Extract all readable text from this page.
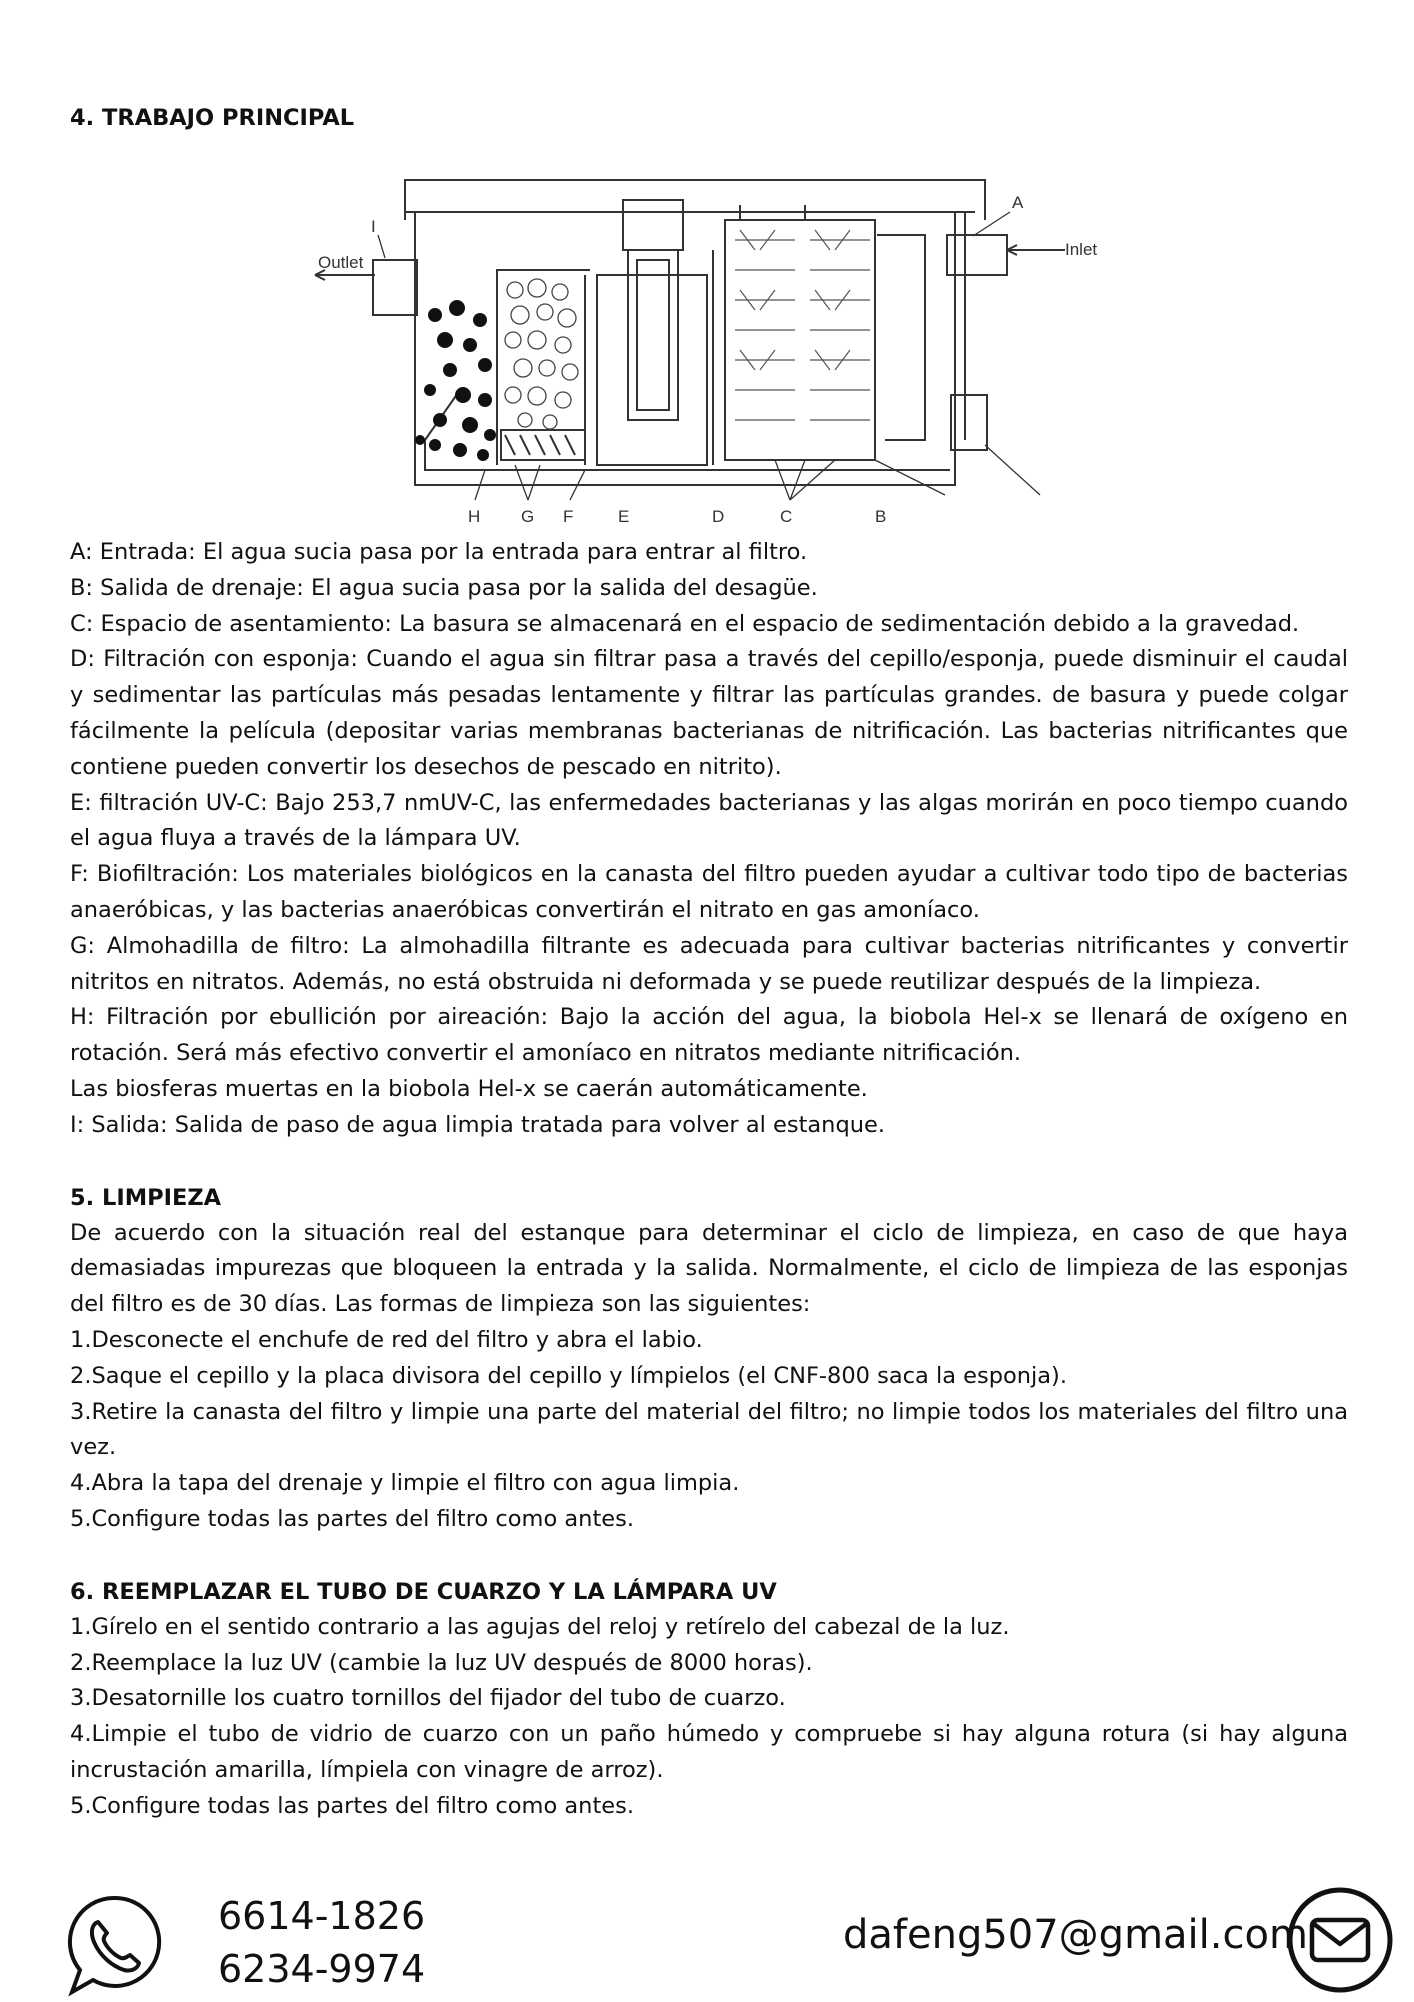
4. TRABAJO PRINCIPAL
Inlet
Outlet
A
I
H G F	E	D	C	B

A: Entrada: El agua sucia pasa por la entrada para entrar al filtro.

B: Salida de drenaje: El agua sucia pasa por la salida del desagüe.

C: Espacio de asentamiento: La basura se almacenará en el espacio de sedimentación debido a la gravedad.

D: Filtración con esponja: Cuando el agua sin filtrar pasa a través del cepillo/esponja, puede disminuir el caudal y sedimentar las partículas más pesadas lentamente y filtrar las partículas grandes. de basura y puede colgar fácilmente la película (depositar varias membranas bacterianas de nitrificación. Las bacterias nitrificantes que contiene pueden convertir los desechos de pescado en nitrito).

E: filtración UV-C: Bajo 253,7 nmUV-C, las enfermedades bacterianas y las algas morirán en poco tiempo cuando el agua fluya a través de la lámpara UV.

F: Biofiltración: Los materiales biológicos en la canasta del filtro pueden ayudar a cultivar todo tipo de bacterias anaeróbicas, y las bacterias anaeróbicas convertirán el nitrato en gas amoníaco.

G: Almohadilla de filtro: La almohadilla filtrante es adecuada para cultivar bacterias nitrificantes y convertir nitritos en nitratos. Además, no está obstruida ni deformada y se puede reutilizar después de la limpieza.

H: Filtración por ebullición por aireación: Bajo la acción del agua, la biobola Hel-x se llenará de oxígeno en rotación. Será más efectivo convertir el amoníaco en nitratos mediante nitrificación.

Las biosferas muertas en la biobola Hel-x se caerán automáticamente.

I: Salida: Salida de paso de agua limpia tratada para volver al estanque.

5. LIMPIEZA

De acuerdo con la situación real del estanque para determinar el ciclo de limpieza, en caso de que haya demasiadas impurezas que bloqueen la entrada y la salida. Normalmente, el ciclo de limpieza de las esponjas del filtro es de 30 días. Las formas de limpieza son las siguientes:

1.Desconecte el enchufe de red del filtro y abra el labio.

2.Saque el cepillo y la placa divisora del cepillo y límpielos (el CNF-800 saca la esponja).

3.Retire la canasta del filtro y limpie una parte del material del filtro; no limpie todos los materiales del filtro una vez.

4.Abra la tapa del drenaje y limpie el filtro con agua limpia.

5.Configure todas las partes del filtro como antes.

6. REEMPLAZAR EL TUBO DE CUARZO Y LA LÁMPARA UV

1.Gírelo en el sentido contrario a las agujas del reloj y retírelo del cabezal de la luz.

2.Reemplace la luz UV (cambie la luz UV después de 8000 horas).

3.Desatornille los cuatro tornillos del fijador del tubo de cuarzo.

4.Limpie el tubo de vidrio de cuarzo con un paño húmedo y compruebe si hay alguna rotura (si hay alguna incrustación amarilla, límpiela con vinagre de arroz).

5.Configure todas las partes del filtro como antes.

6614-1826
6234-9974
dafeng507@gmail.com
